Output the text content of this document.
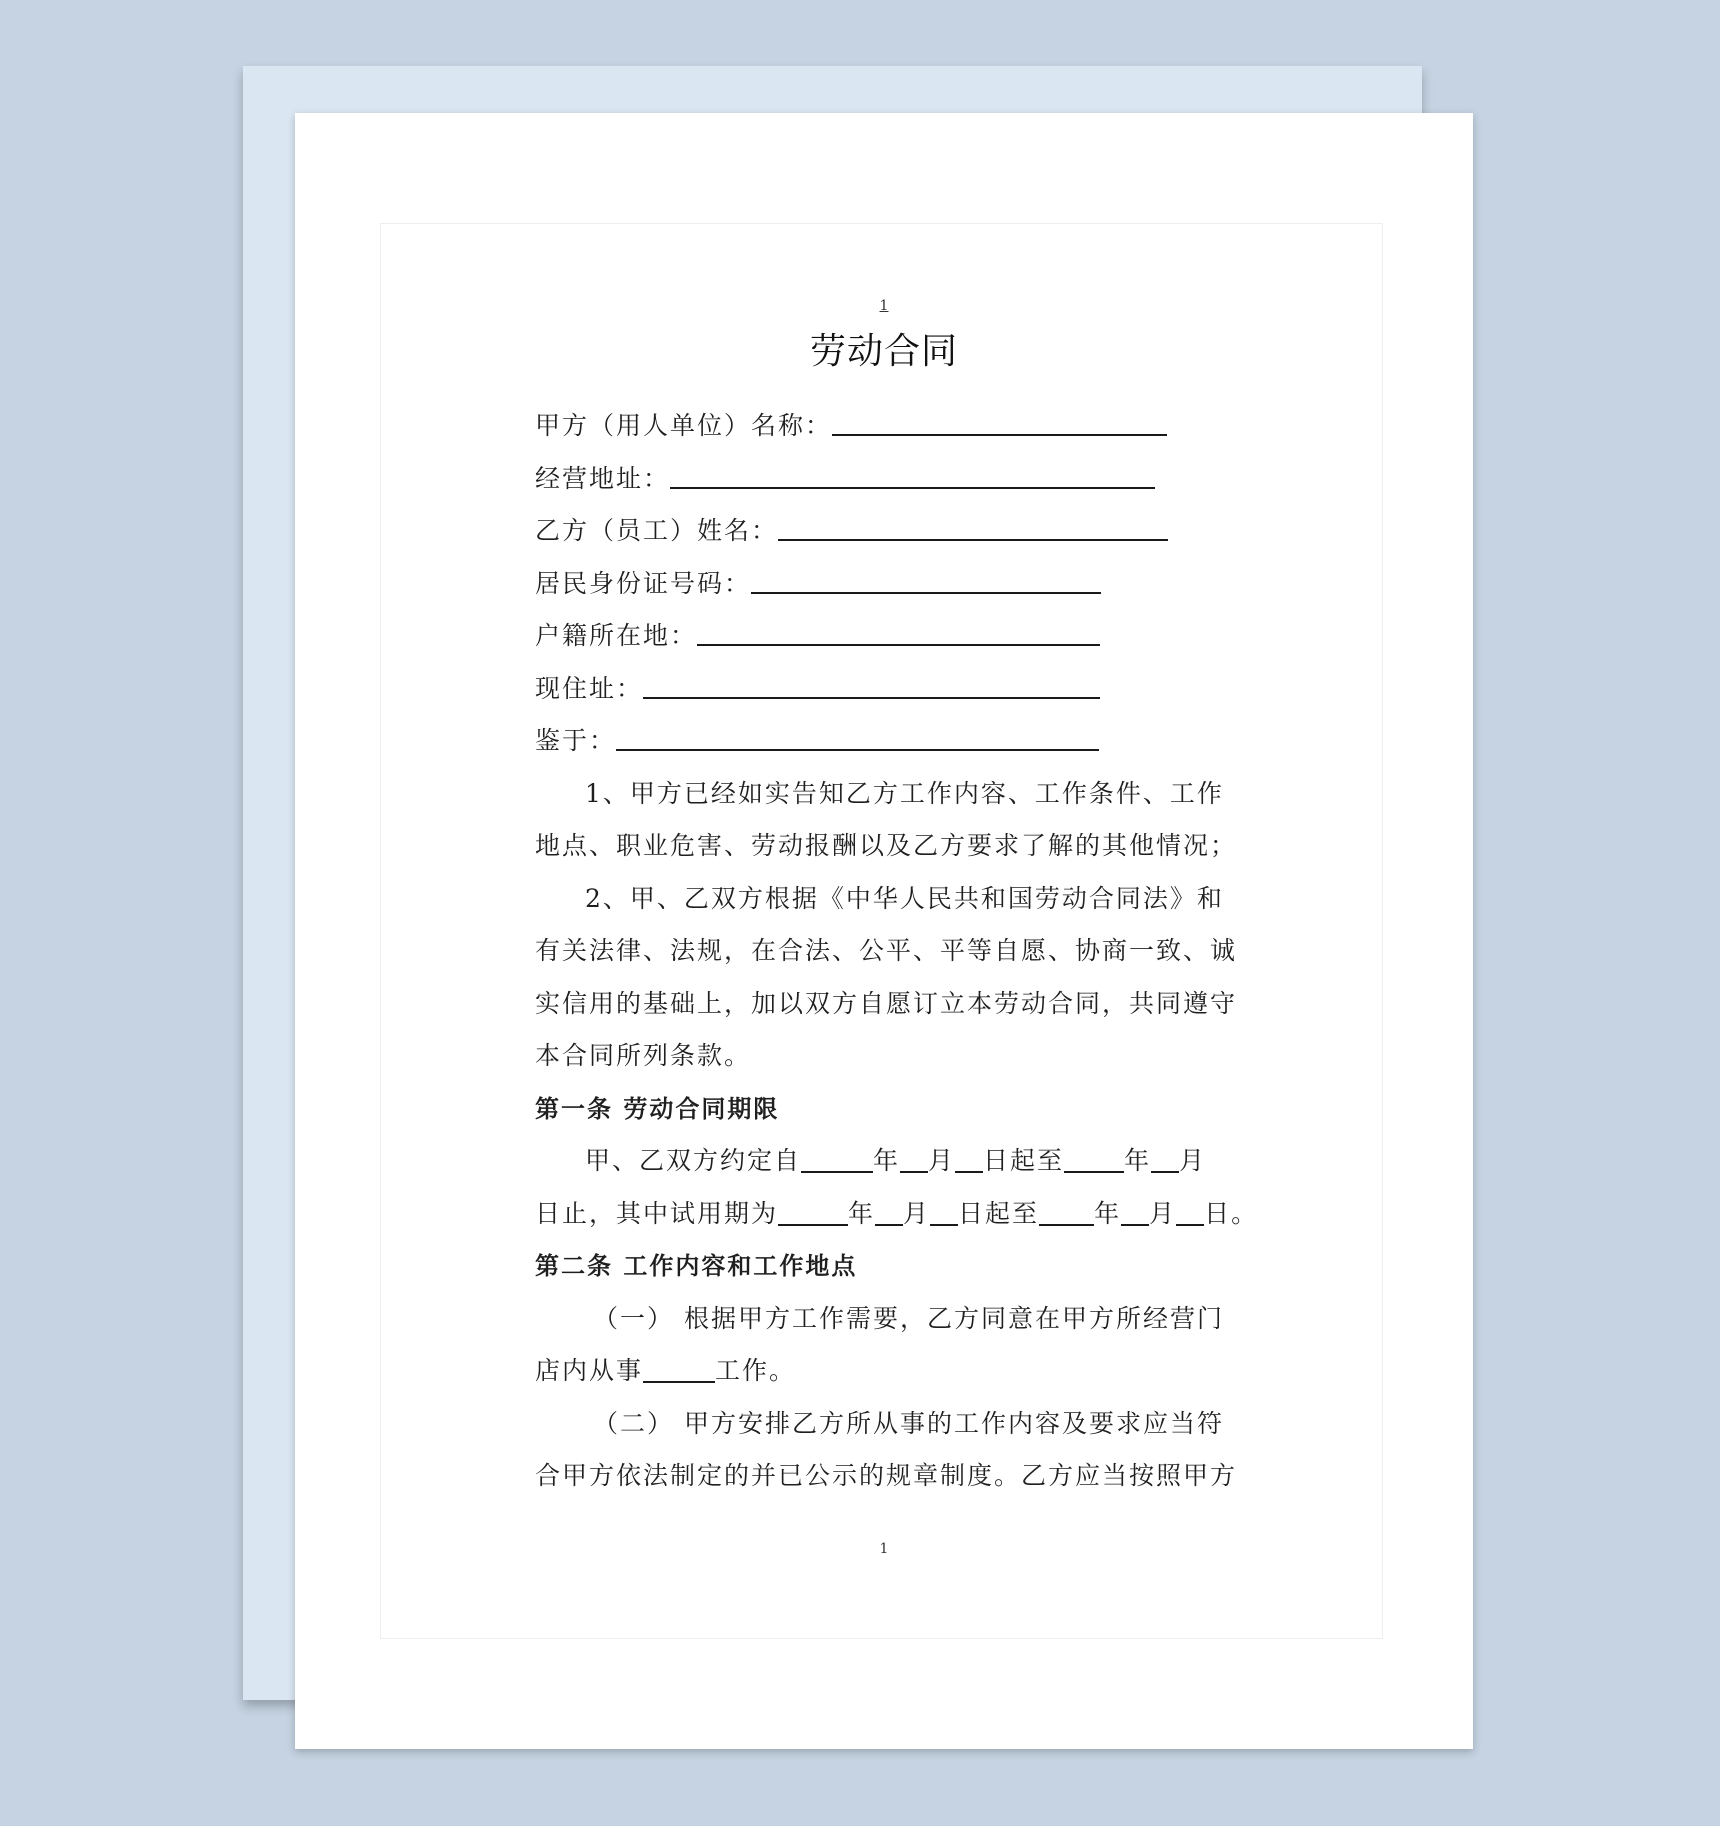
1
劳动合同
甲方（用人单位）名称：
经营地址：
乙方（员工）姓名：
居民身份证号码：
户籍所在地：
现住址：
鉴于：
1、甲方已经如实告知乙方工作内容、工作条件、工作
地点、职业危害、劳动报酬以及乙方要求了解的其他情况；
2、甲、乙双方根据《中华人民共和国劳动合同法》和
有关法律、法规，在合法、公平、平等自愿、协商一致、诚
实信用的基础上，加以双方自愿订立本劳动合同，共同遵守
本合同所列条款。
第一条 劳动合同期限
甲、乙双方约定自	年 月 日起至 年 月
日止，其中试用期为	年 月 日起至 年 月 日。
第二条 工作内容和工作地点
（一） 根据甲方工作需要，乙方同意在甲方所经营门
店内从事	工作。
（二） 甲方安排乙方所从事的工作内容及要求应当符
合甲方依法制定的并已公示的规章制度。乙方应当按照甲方
1
